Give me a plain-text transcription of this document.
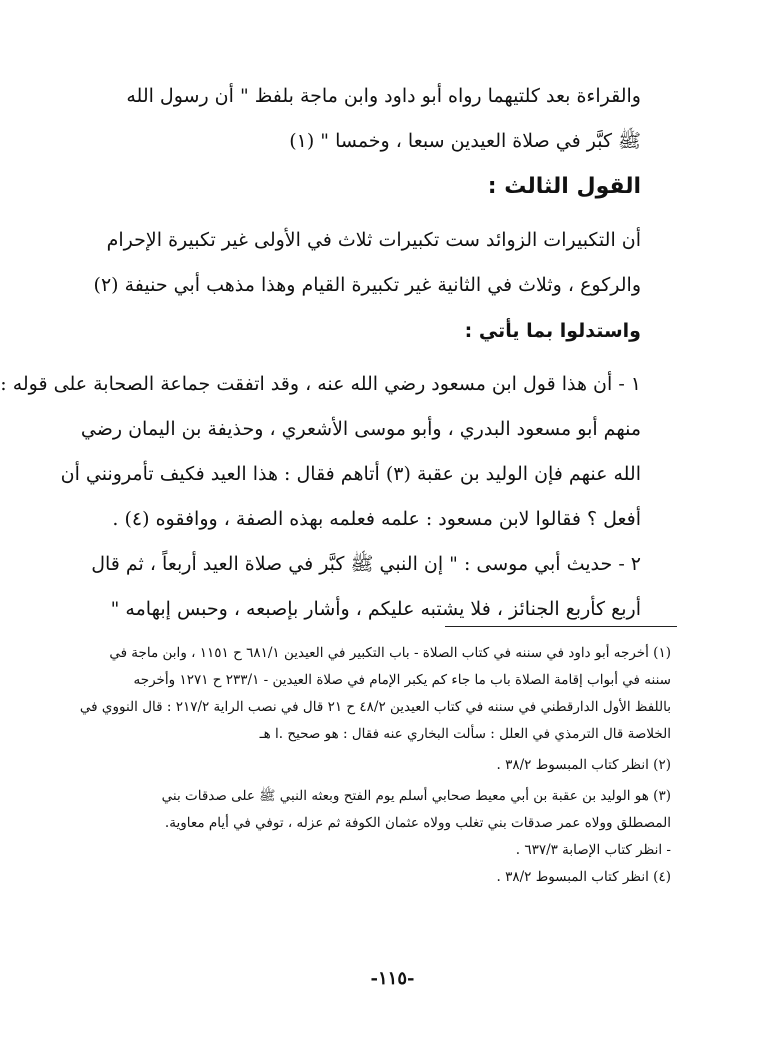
والقراءة بعد كلتيهما رواه أبو داود وابن ماجة بلفظ " أن رسول الله
ﷺ كبَّر في صلاة العيدين سبعا ، وخمسا " (١)
القول الثالث :
أن التكبيرات الزوائد ست تكبيرات ثلاث في الأولى غير تكبيرة الإحرام
والركوع ، وثلاث في الثانية غير تكبيرة القيام وهذا مذهب أبي حنيفة (٢)
واستدلوا بما يأتي :
١ - أن هذا قول ابن مسعود رضي الله عنه ، وقد اتفقت جماعة الصحابة على قوله :
منهم أبو مسعود البدري ، وأبو موسى الأشعري ، وحذيفة بن اليمان رضي
الله عنهم فإن الوليد بن عقبة (٣) أتاهم فقال : هذا العيد فكيف تأمرونني أن
أفعل ؟ فقالوا لابن مسعود : علمه فعلمه بهذه الصفة ، ووافقوه (٤) .
٢ - حديث أبي موسى : " إن النبي ﷺ كبَّر في صلاة العيد أربعاً ، ثم قال
أربع كأربع الجنائز ، فلا يشتبه عليكم ، وأشار بإصبعه ، وحبس إبهامه "
(١) أخرجه أبو داود في سننه في كتاب الصلاة - باب التكبير في العيدين ٦٨١/١ ح ١١٥١ ، وابن ماجة في
سننه في أبواب إقامة الصلاة باب ما جاء كم يكبر الإمام في صلاة العيدين - ٢٣٣/١ ح ١٢٧١ وأخرجه
باللفظ الأول الدارقطني في سننه في كتاب العيدين ٤٨/٢ ح ٢١ قال في نصب الراية ٢١٧/٢ : قال النووي في
الخلاصة قال الترمذي في العلل : سألت البخاري عنه فقال : هو صحيح .ا هـ
(٢) انظر كتاب المبسوط ٣٨/٢ .
(٣) هو الوليد بن عقبة بن أبي معيط صحابي أسلم يوم الفتح وبعثه النبي ﷺ على صدقات بني
المصطلق وولاه عمر صدقات بني تغلب وولاه عثمان الكوفة ثم عزله ، توفي في أيام معاوية.
- انظر كتاب الإصابة ٦٣٧/٣ .
(٤) انظر كتاب المبسوط ٣٨/٢ .
-١١٥-
